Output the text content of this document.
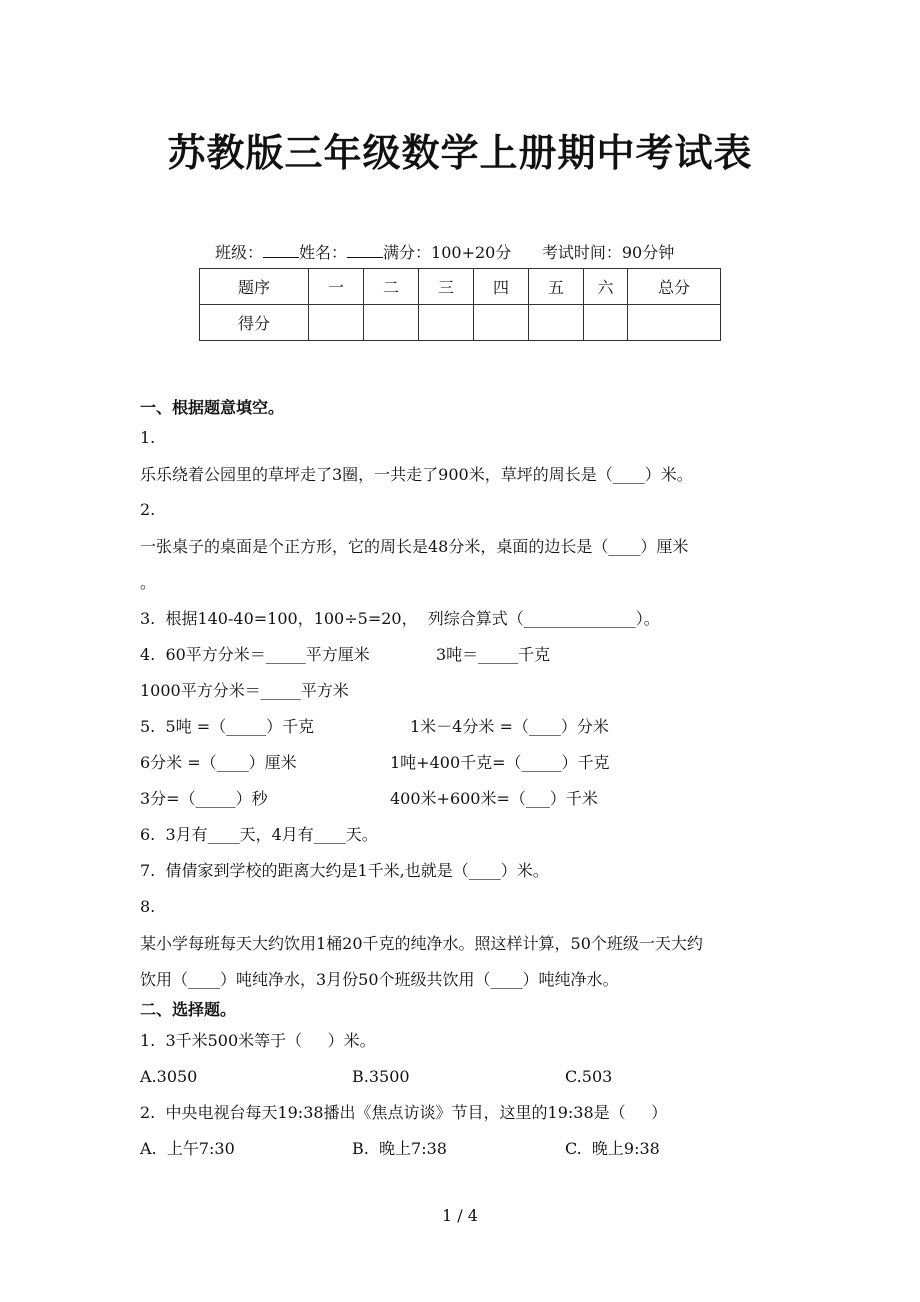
苏教版三年级数学上册期中考试表
班级： 姓名： 满分：100+20分 考试时间：90分钟
题序	一	二	三	四	五	六	总分
得分							
一、根据题意填空。
1.
乐乐绕着公园里的草坪走了3圈，一共走了900米，草坪的周长是（____）米。
2.
一张桌子的桌面是个正方形，它的周长是48分米，桌面的边长是（____）厘米
。
3.  根据140-40=100，100÷5=20，  列综合算式（______________）。
4.  60平方分米＝_____平方厘米	3吨＝_____千克
1000平方分米＝_____平方米
5.  5吨 =（_____）千克	1米－4分米 =（____）分米
6分米 =（____）厘米	1吨+400千克=（_____）千克
3分=（_____）秒	400米+600米=（___）千米
6.  3月有____天，4月有____天。
7.  倩倩家到学校的距离大约是1千米,也就是（____）米。
8.
某小学每班每天大约饮用1桶20千克的纯净水。照这样计算，50个班级一天大约
饮用（____）吨纯净水，3月份50个班级共饮用（____）吨纯净水。
二、选择题。
1.  3千米500米等于（     ）米。
A.3050	B.3500	C.503
2.  中央电视台每天19:38播出《焦点访谈》节目，这里的19:38是（     ）
A.  上午7:30	B.  晚上7:38	C.  晚上9:38
1 / 4
